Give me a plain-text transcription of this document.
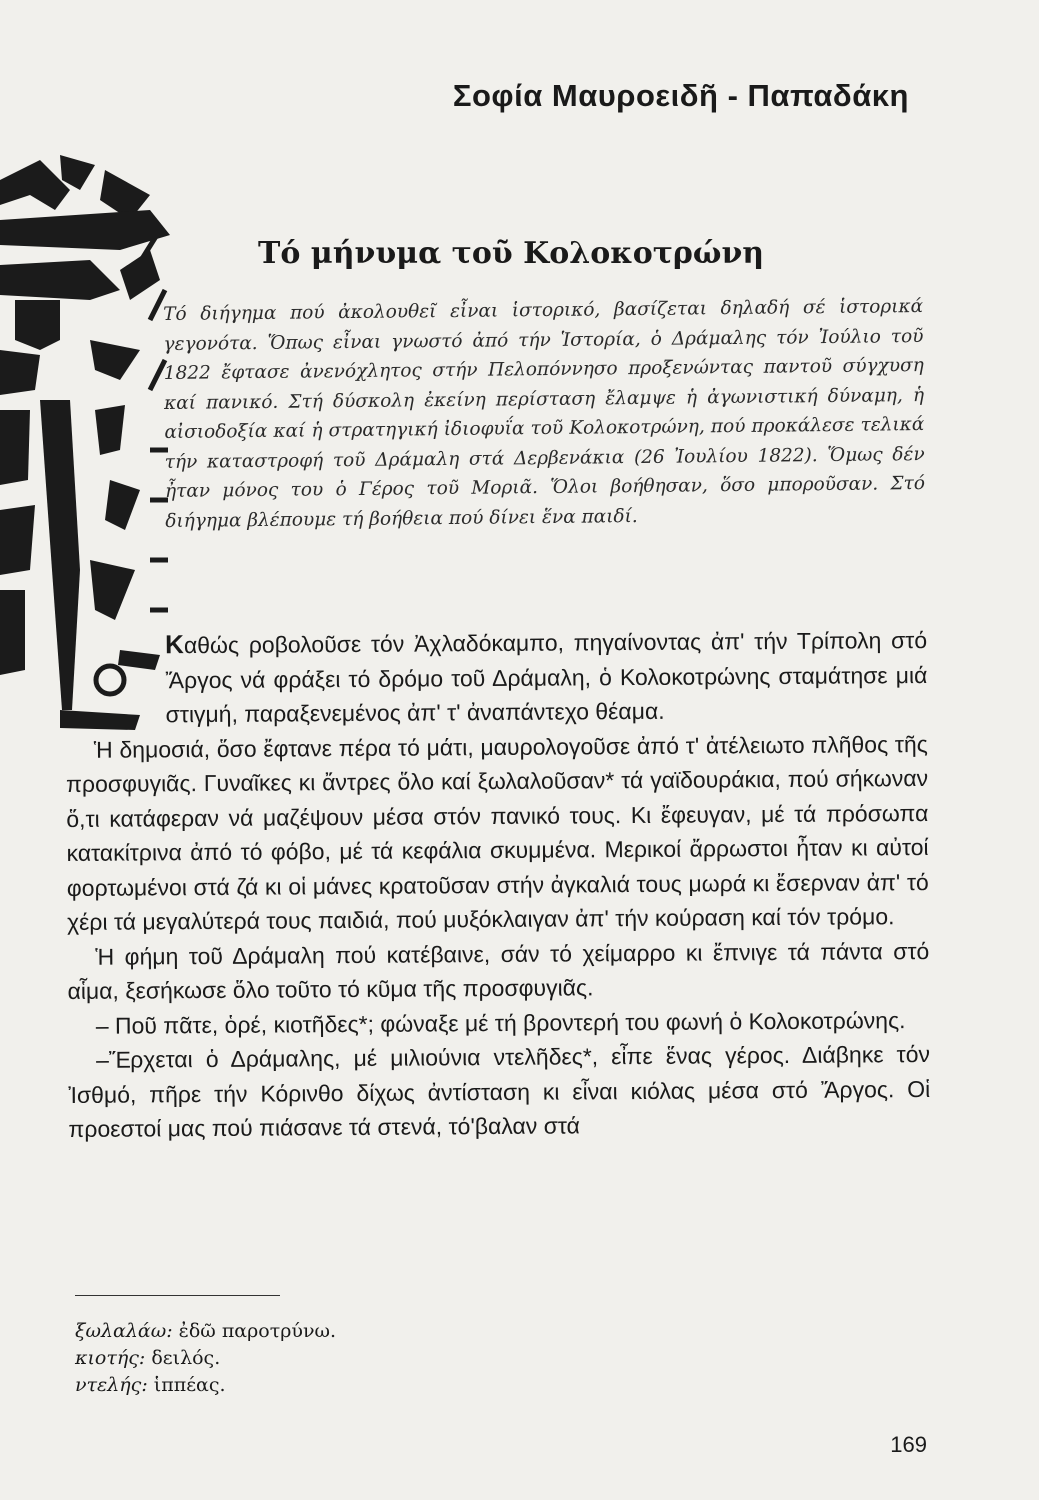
Σοφία Μαυροειδῆ - Παπαδάκη
Τό μήνυμα τοῦ Κολοκοτρώνη

Τό διήγημα πού ἀκολουθεῖ εἶναι ἱστορικό, βασίζεται δηλαδή σέ ἱστορικά γεγονότα. Ὅπως εἶναι γνωστό ἀπό τήν Ἱστορία, ὁ Δράμαλης τόν Ἰούλιο τοῦ 1822 ἔφτασε ἀνενόχλητος στήν Πελοπόννησο προξενώντας παντοῦ σύγχυση καί πανικό. Στή δύσκολη ἐκείνη περίσταση ἔλαμψε ἡ ἀγωνιστική δύναμη, ἡ αἰσιοδοξία καί ἡ στρατηγική ἰδιοφυΐα τοῦ Κολοκοτρώνη, πού προκάλεσε τελικά τήν καταστροφή τοῦ Δράμαλη στά Δερβενάκια (26 Ἰουλίου 1822). Ὅμως δέν ἦταν μόνος του ὁ Γέρος τοῦ Μοριᾶ. Ὅλοι βοήθησαν, ὅσο μποροῦσαν. Στό διήγημα βλέπουμε τή βοήθεια πού δίνει ἕνα παιδί.

Καθώς ροβολοῦσε τόν Ἀχλαδόκαμπο, πηγαίνοντας ἀπ' τήν Τρίπολη στό Ἄργος νά φράξει τό δρόμο τοῦ Δράμαλη, ὁ Κολοκοτρώνης σταμάτησε μιά στιγμή, παραξενεμένος ἀπ' τ' ἀναπάντεχο θέαμα.

Ἡ δημοσιά, ὅσο ἔφτανε πέρα τό μάτι, μαυρολογοῦσε ἀπό τ' ἀτέλειωτο πλῆθος τῆς προσφυγιᾶς. Γυναῖκες κι ἄντρες ὅλο καί ξωλαλοῦσαν* τά γαϊδουράκια, πού σήκωναν ὅ,τι κατάφεραν νά μαζέψουν μέσα στόν πανικό τους. Κι ἔφευγαν, μέ τά πρόσωπα κατακίτρινα ἀπό τό φόβο, μέ τά κεφάλια σκυμμένα. Μερικοί ἄρρωστοι ἦταν κι αὐτοί φορτωμένοι στά ζά κι οἱ μάνες κρατοῦσαν στήν ἀγκαλιά τους μωρά κι ἔσερναν ἀπ' τό χέρι τά μεγαλύτερά τους παιδιά, πού μυξόκλαιγαν ἀπ' τήν κούραση καί τόν τρόμο.

Ἡ φήμη τοῦ Δράμαλη πού κατέβαινε, σάν τό χείμαρρο κι ἔπνιγε τά πάντα στό αἷμα, ξεσήκωσε ὅλο τοῦτο τό κῦμα τῆς προσφυγιᾶς.

– Ποῦ πᾶτε, ὁρέ, κιοτῆδες*; φώναξε μέ τή βροντερή του φωνή ὁ Κολοκοτρώνης.

–Ἔρχεται ὁ Δράμαλης, μέ μιλιούνια ντελῆδες*, εἶπε ἕνας γέρος. Διάβηκε τόν Ἰσθμό, πῆρε τήν Κόρινθο δίχως ἀντίσταση κι εἶναι κιόλας μέσα στό Ἄργος. Οἱ προεστοί μας πού πιάσανε τά στενά, τό'βαλαν στά

ξωλαλάω: ἐδῶ παροτρύνω.
κιοτής: δειλός.
ντελής: ἱππέας.
169
